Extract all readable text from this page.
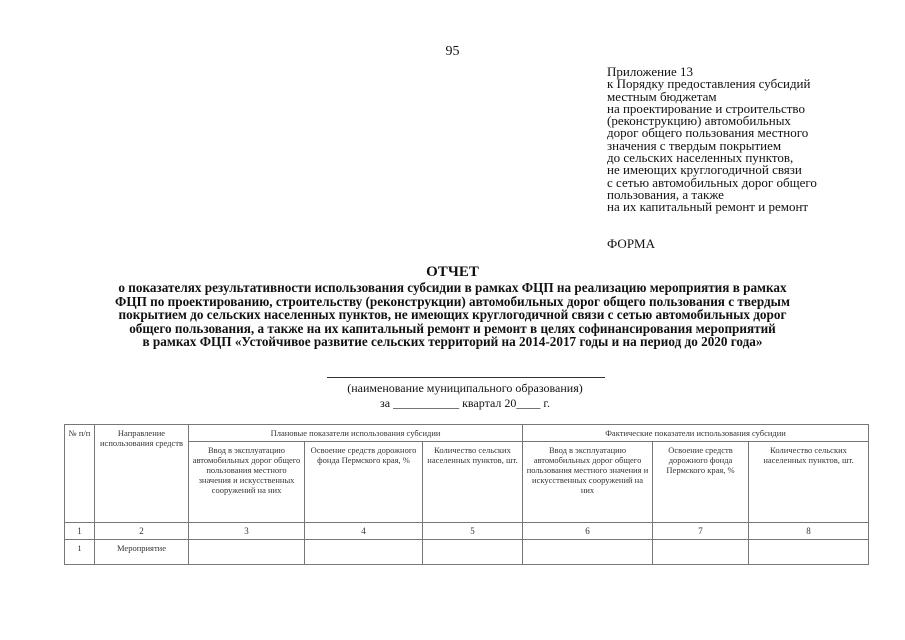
95
Приложение 13
к Порядку предоставления субсидий
местным бюджетам
на проектирование и строительство
(реконструкцию) автомобильных
дорог общего пользования местного
значения с твердым покрытием
до сельских населенных пунктов,
не имеющих круглогодичной связи
с сетью автомобильных дорог общего
пользования, а также
на их капитальный ремонт и ремонт
ФОРМА
ОТЧЕТ
о показателях результативности использования субсидии в рамках ФЦП на реализацию мероприятия в рамках
ФЦП по проектированию, строительству (реконструкции) автомобильных дорог общего пользования с твердым
покрытием до сельских населенных пунктов, не имеющих круглогодичной связи с сетью автомобильных дорог
общего пользования, а также на их капитальный ремонт и ремонт в целях софинансирования мероприятий
в рамках ФЦП «Устойчивое развитие сельских территорий на 2014-2017 годы и на период до 2020 года»
(наименование муниципального образования)
за ___________ квартал 20____ г.
№ п/п	Направление использования средств	Плановые показатели использования субсидии			Фактические показатели использования субсидии		
		Ввод в эксплуатацию автомобильных дорог общего пользования местного значения и искусственных сооружений на них	Освоение средств дорожного фонда Пермского края, %	Количество сельских населенных пунктов, шт.	Ввод в эксплуатацию автомобильных дорог общего пользования местного значения и искусственных сооружений на них	Освоение средств дорожного фонда Пермского края, %	Количество сельских населенных пунктов, шт.
1	2	3	4	5	6	7	8
1	Мероприятие						
